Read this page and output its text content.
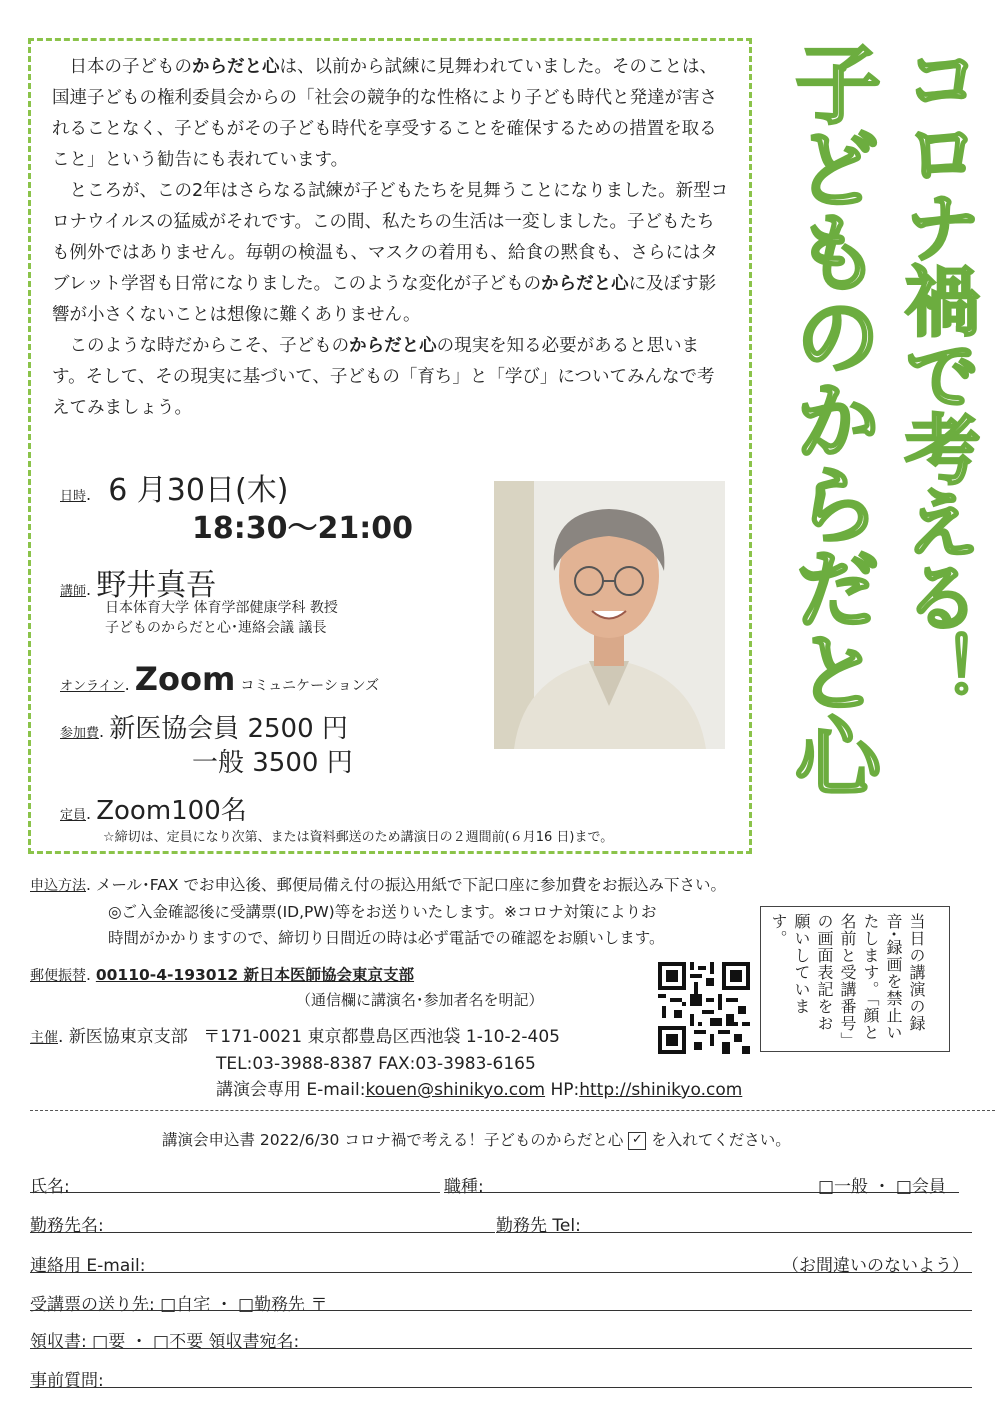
日本の子どものからだと心は、以前から試練に見舞われていました。そのことは、国連子どもの権利委員会からの「社会の競争的な性格により子ども時代と発達が害されることなく、子どもがその子ども時代を享受することを確保するための措置を取ること」という勧告にも表れています。

ところが、この2年はさらなる試練が子どもたちを見舞うことになりました。新型コロナウイルスの猛威がそれです。この間、私たちの生活は一変しました。子どもたちも例外ではありません。毎朝の検温も、マスクの着用も、給食の黙食も、さらにはタブレット学習も日常になりました。このような変化が子どものからだと心に及ぼす影響が小さくないことは想像に難くありません。

このような時だからこそ、子どものからだと心の現実を知る必要があると思います。そして、その現実に基づいて、子どもの「育ち」と「学び」についてみんなで考えてみましょう。	コロナ禍で考える！
子どものからだと心
日時. 6 月30日(木)
18:30～21:00
講師. 野井真吾
日本体育大学 体育学部健康学科 教授
子どものからだと心･連絡会議 議長
オンライン. Zoom コミュニケーションズ
参加費. 新医協会員 2500 円
一般 3500 円
定員. Zoom100名
☆締切は、定員になり次第、または資料郵送のため講演日の２週間前(６月16 日)まで。
申込方法. メール･FAX でお申込後、郵便局備え付の振込用紙で下記口座に参加費をお振込み下さい。
◎ご入金確認後に受講票(ID,PW)等をお送りいたします。※コロナ対策によりお
時間がかかりますので、締切り日間近の時は必ず電話での確認をお願いします。
郵便振替. 00110-4-193012 新日本医師協会東京支部
（通信欄に講演名･参加者名を明記）
主催. 新医協東京支部 〒171-0021 東京都豊島区西池袋 1-10-2-405
TEL:03-3988-8387 FAX:03-3983-6165
講演会専用 E-mail:kouen@shinikyo.com HP:http://shinikyo.com
当日の講演の録音･録画を禁止いたします。「顔と名前と受講番号」の画面表記をお願いしています。
講演会申込書 2022/6/30 コロナ禍で考える！子どものからだと心 ✓ を入れてください。
氏名:	職種:	□一般 ・ □会員
勤務先名:	勤務先 Tel:
連絡用 E-mail:	（お間違いのないよう）
受講票の送り先: □自宅 ・ □勤務先 〒
領収書: □要 ・ □不要 領収書宛名:
事前質問:
